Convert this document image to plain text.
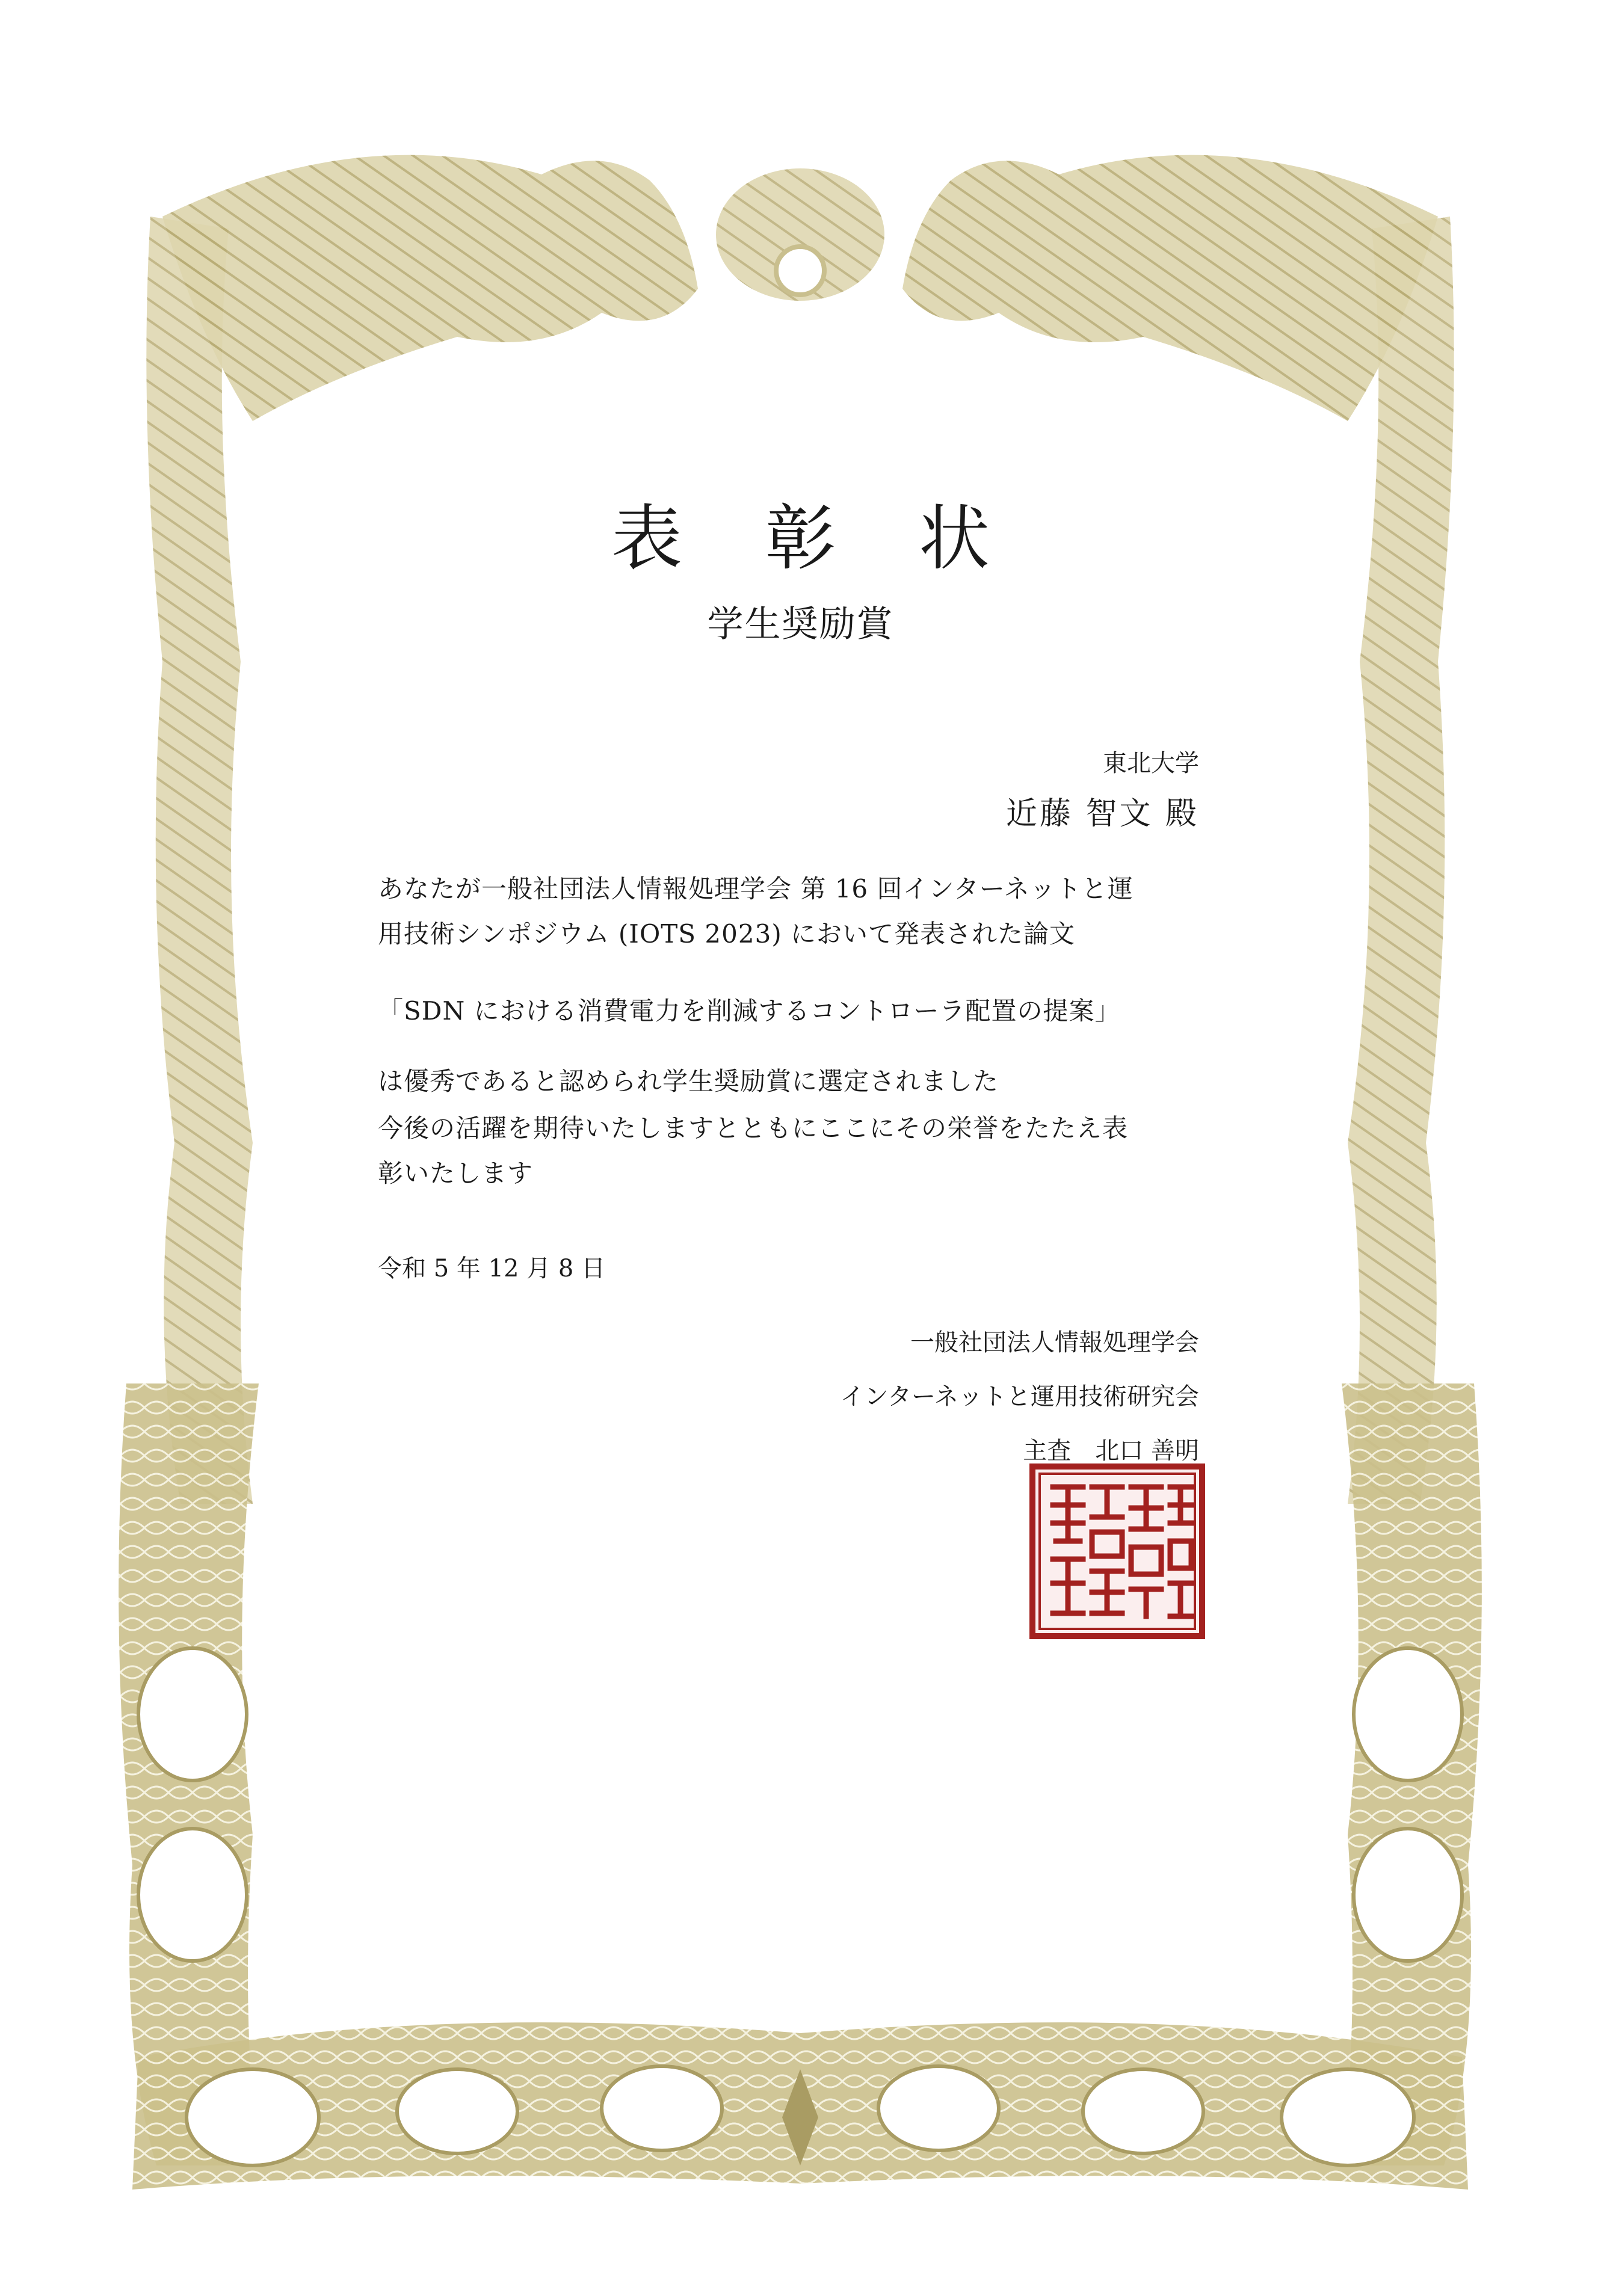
表 彰 状
学生奨励賞
東北大学
近藤 智文 殿
あなたが一般社団法人情報処理学会 第 16 回インターネットと運
用技術シンポジウム (IOTS 2023) において発表された論文
「SDN における消費電力を削減するコントローラ配置の提案」
は優秀であると認められ学生奨励賞に選定されました
今後の活躍を期待いたしますとともにここにその栄誉をたたえ表
彰いたします
令和 5 年 12 月 8 日
一般社団法人情報処理学会
インターネットと運用技術研究会
主査　北口 善明
